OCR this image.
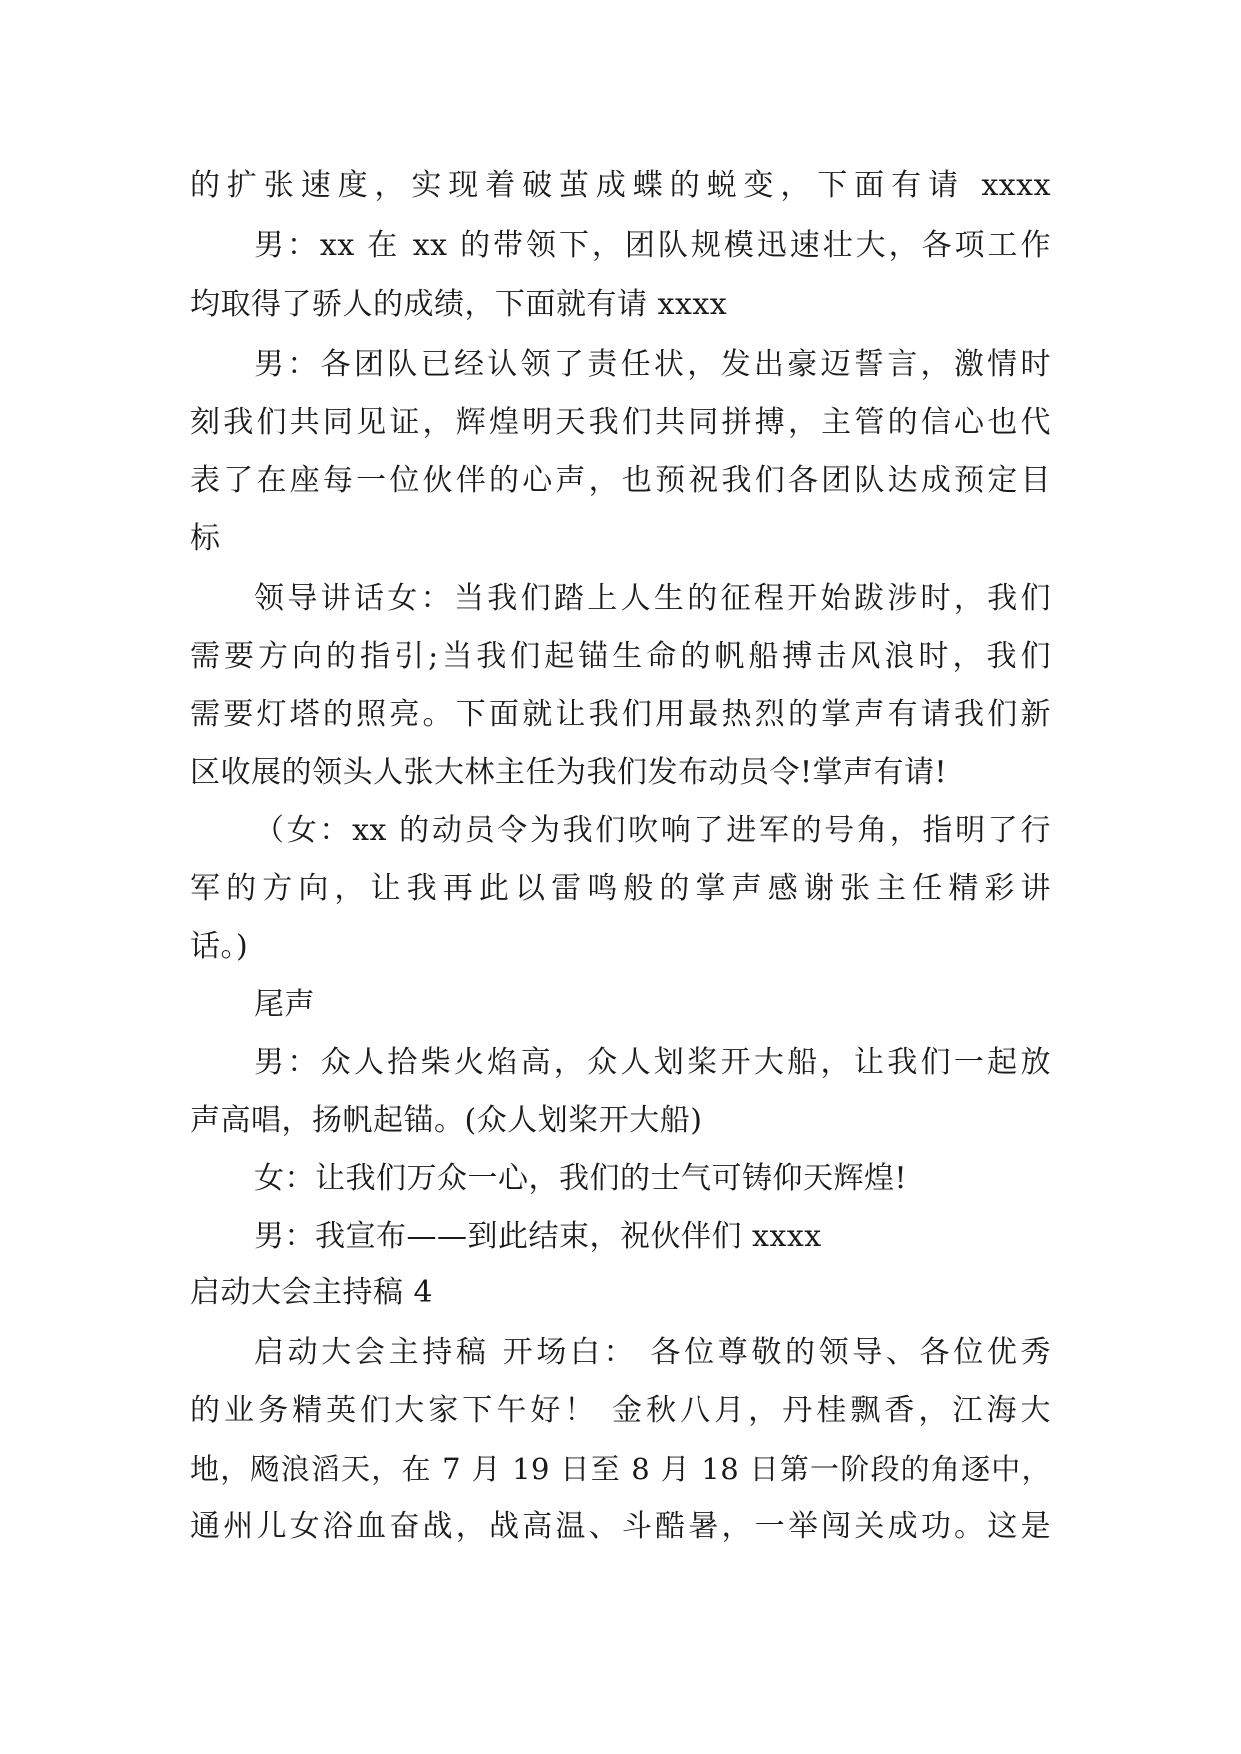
的扩张速度，实现着破茧成蝶的蜕变，下面有请 xxxx
男：xx 在 xx 的带领下，团队规模迅速壮大，各项工作
均取得了骄人的成绩，下面就有请 xxxx
男：各团队已经认领了责任状，发出豪迈誓言，激情时
刻我们共同见证，辉煌明天我们共同拼搏，主管的信心也代
表了在座每一位伙伴的心声，也预祝我们各团队达成预定目
标
领导讲话女：当我们踏上人生的征程开始跋涉时，我们
需要方向的指引;当我们起锚生命的帆船搏击风浪时，我们
需要灯塔的照亮。下面就让我们用最热烈的掌声有请我们新
区收展的领头人张大林主任为我们发布动员令!掌声有请!
（女：xx 的动员令为我们吹响了进军的号角，指明了行
军的方向，让我再此以雷鸣般的掌声感谢张主任精彩讲
话。)
尾声
男：众人拾柴火焰高，众人划桨开大船，让我们一起放
声高唱，扬帆起锚。(众人划桨开大船)
女：让我们万众一心，我们的士气可铸仰天辉煌!
男：我宣布——到此结束，祝伙伴们 xxxx
启动大会主持稿 4
启动大会主持稿 开场白： 各位尊敬的领导、各位优秀
的业务精英们大家下午好！ 金秋八月，丹桂飘香，江海大
地，飏浪滔天，在 7 月 19 日至 8 月 18 日第一阶段的角逐中，
通州儿女浴血奋战，战高温、斗酷暑，一举闯关成功。这是
